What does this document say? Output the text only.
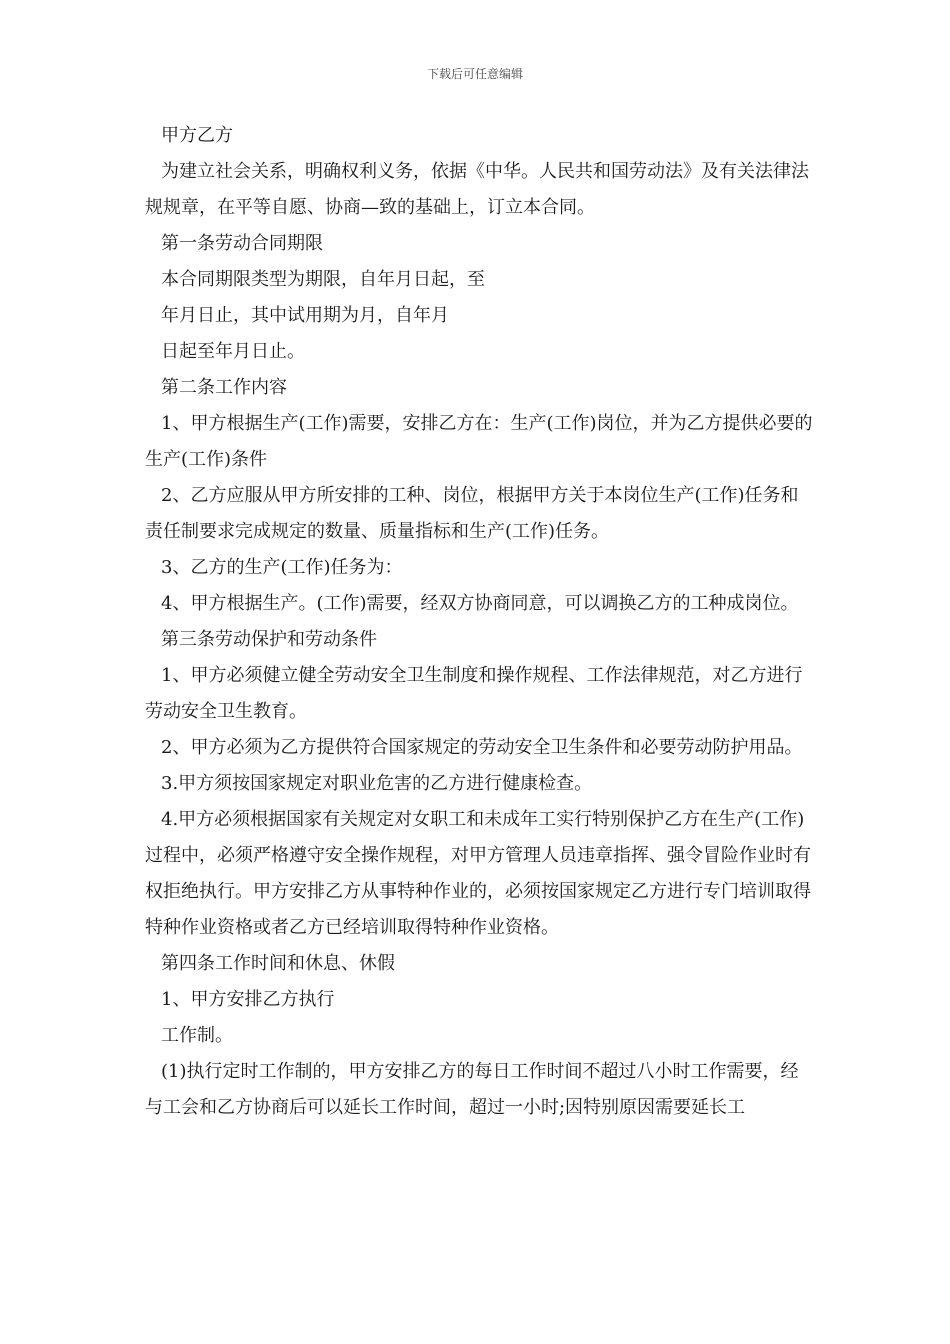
下载后可任意编辑

甲方乙方

为建立社会关系，明确权利义务，依据《中华。人民共和国劳动法》及有关法律法规规章，在平等自愿、协商—致的基础上，订立本合同。

第一条劳动合同期限

本合同期限类型为期限，自年月日起，至

年月日止，其中试用期为月，自年月

日起至年月日止。

第二条工作内容

1、甲方根据生产(工作)需要，安排乙方在：生产(工作)岗位，并为乙方提供必要的生产(工作)条件

2、乙方应服从甲方所安排的工种、岗位，根据甲方关于本岗位生产(工作)任务和责任制要求完成规定的数量、质量指标和生产(工作)任务。

3、乙方的生产(工作)任务为：

4、甲方根据生产。(工作)需要，经双方协商同意，可以调换乙方的工种成岗位。

第三条劳动保护和劳动条件

1、甲方必须健立健全劳动安全卫生制度和操作规程、工作法律规范，对乙方进行劳动安全卫生教育。

2、甲方必须为乙方提供符合国家规定的劳动安全卫生条件和必要劳动防护用品。

3.甲方须按国家规定对职业危害的乙方进行健康检查。

4.甲方必须根据国家有关规定对女职工和未成年工实行特别保护乙方在生产(工作)过程中，必须严格遵守安全操作规程，对甲方管理人员违章指挥、强令冒险作业时有权拒绝执行。甲方安排乙方从事特种作业的，必须按国家规定乙方进行专门培训取得特种作业资格或者乙方已经培训取得特种作业资格。

第四条工作时间和休息、休假

1、甲方安排乙方执行

工作制。

(1)执行定时工作制的，甲方安排乙方的每日工作时间不超过八小时工作需要，经与工会和乙方协商后可以延长工作时间，超过一小时;因特别原因需要延长工
